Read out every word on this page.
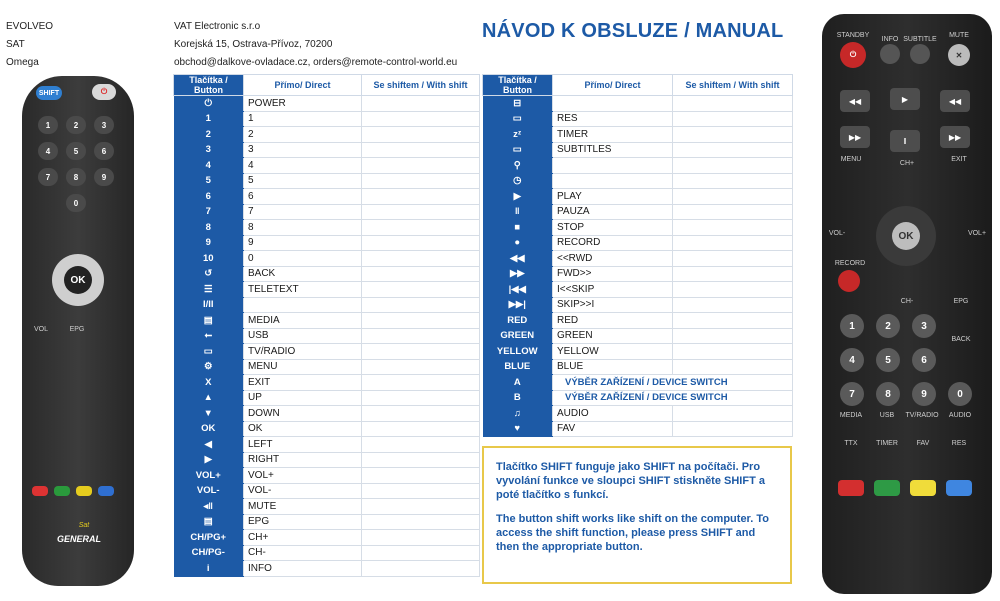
EVOLVEO
SAT
Omega
VAT Electronic s.r.o
Korejská 15, Ostrava-Přívoz, 70200
obchod@dalkove-ovladace.cz, orders@remote-control-world.eu
NÁVOD K OBSLUZE / MANUAL
Tlačítka / Button	Přímo/ Direct	Se shiftem / With shift
⏻	POWER	
1	1	
2	2	
3	3	
4	4	
5	5	
6	6	
7	7	
8	8	
9	9	
10	0	
↺	BACK	
☰	TELETEXT	
I/II		
▤	MEDIA	
⭠	USB	
▭	TV/RADIO	
⚙	MENU	
X	EXIT	
▲	UP	
▼	DOWN	
OK	OK	
◀	LEFT	
▶	RIGHT	
VOL+	VOL+	
VOL-	VOL-	
◂‖	MUTE	
▤	EPG	
CH/PG+	CH+	
CH/PG-	CH-	
i	INFO	
Tlačítka / Button	Přímo/ Direct	Se shiftem / With shift
⊟		
▭	RES	
zᶻ	TIMER	
▭	SUBTITLES	
⚲		
◷		
▶	PLAY	
‖	PAUZA	
■	STOP	
●	RECORD	
◀◀	<<RWD	
▶▶	FWD>>	
|◀◀	I<<SKIP	
▶▶|	SKIP>>I	
RED	RED	
GREEN	GREEN	
YELLOW	YELLOW	
BLUE	BLUE	
A	VÝBĚR ZAŘÍZENÍ / DEVICE SWITCH	
B	VÝBĚR ZAŘÍZENÍ / DEVICE SWITCH	
♫	AUDIO	
♥	FAV	

Tlačítko SHIFT funguje jako SHIFT na počítači. Pro vyvolání funkce ve sloupci SHIFT stiskněte SHIFT a poté tlačítko s funkcí.

The button shift works like shift on the computer. To access the shift function, please press SHIFT and then the appropriate button.

SHIFT	⏻
1	2	3
4	5	6
7	8	9
0
OK
VOL	EPG
Sat
GENERAL
⏻
STANDBY
INFO SUBTITLE
✕
MUTE
◀◀	▶	◀◀
▶▶	‖	▶▶
MENU
CH+
EXIT
OK
VOL-	VOL+
RECORD
CH-	EPG
BACK
1	2	3
4	5	6
7	8	9	0
MEDIA	USB	TV/RADIO	AUDIO
TTX	TIMER	FAV	RES
